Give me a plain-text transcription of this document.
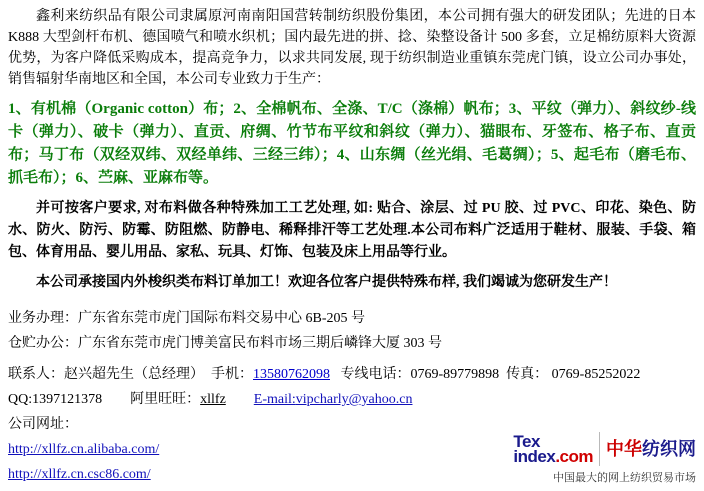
鑫利来纺织品有限公司隶属原河南南阳国营转制纺织股份集团，本公司拥有强大的研发团队；先进的日本K888 大型剑杆布机、德国喷气和喷水织机；国内最先进的拼、捻、染整设备计 500 多套，立足棉纺原料大资源优势，为客户降低采购成本，提高竞争力，以求共同发展, 现于纺织制造业重镇东莞虎门镇，设立公司办事处，销售辐射华南地区和全国，本公司专业致力于生产：

1、有机棉（Organic cotton）布；2、全棉帆布、全涤、T/C（涤棉）帆布；3、平纹（弹力）、斜纹纱-线卡（弹力）、破卡（弹力）、直贡、府绸、竹节布平纹和斜纹（弹力）、猫眼布、牙签布、格子布、直贡布；马丁布（双经双纬、双经单纬、三经三纬）；4、山东绸（丝光绢、毛葛绸）；5、起毛布（磨毛布、抓毛布）；6、苎麻、亚麻布等。

并可按客户要求, 对布料做各种特殊加工工艺处理, 如: 贴合、涂层、过 PU 胶、过 PVC、印花、染色、防水、防火、防污、防霉、防阻燃、防静电、稀释排汗等工艺处理.本公司布料广泛适用于鞋材、服装、手袋、箱包、体育用品、婴儿用品、家私、玩具、灯饰、包装及床上用品等行业。

本公司承接国内外梭织类布料订单加工！欢迎各位客户提供特殊布样, 我们竭诚为您研发生产！

业务办理：广东省东莞市虎门国际布料交易中心 6B-205 号

仓贮办公：广东省东莞市虎门博美富民布料市场三期后嶙锋大厦 303 号

联系人：赵兴超先生（总经理） 手机：13580762098 专线电话：0769-89779898 传真： 0769-85252022

QQ:1397121378 阿里旺旺：xllfz E-mail:vipcharly@yahoo.cn

公司网址：

http://xllfz.cn.alibaba.com/

http://xllfz.cn.csc86.com/

Tex
index.com 中华纺织网
中国最大的网上纺织贸易市场
